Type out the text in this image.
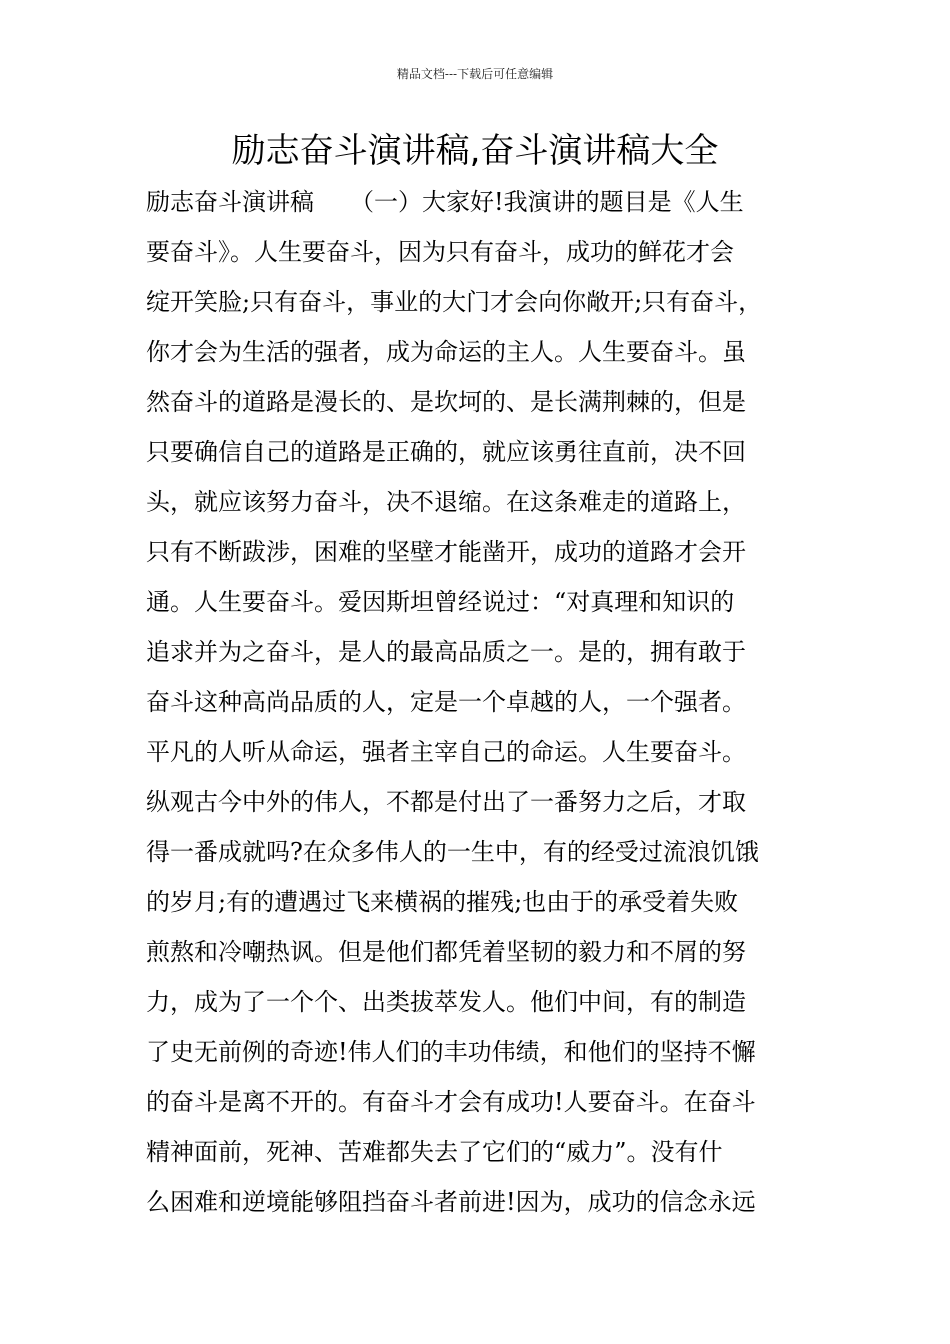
精品文档---下载后可任意编辑
励志奋斗演讲稿,奋斗演讲稿大全
励志奋斗演讲稿　　（一）大家好!我演讲的题目是《人生
要奋斗》。人生要奋斗，因为只有奋斗，成功的鲜花才会
绽开笑脸;只有奋斗，事业的大门才会向你敞开;只有奋斗，
你才会为生活的强者，成为命运的主人。人生要奋斗。虽
然奋斗的道路是漫长的、是坎坷的、是长满荆棘的，但是
只要确信自己的道路是正确的，就应该勇往直前，决不回
头，就应该努力奋斗，决不退缩。在这条难走的道路上，
只有不断跋涉，困难的坚壁才能凿开，成功的道路才会开
通。人生要奋斗。爱因斯坦曾经说过：“对真理和知识的
追求并为之奋斗，是人的最高品质之一。是的，拥有敢于
奋斗这种高尚品质的人，定是一个卓越的人，一个强者。
平凡的人听从命运，强者主宰自己的命运。人生要奋斗。
纵观古今中外的伟人，不都是付出了一番努力之后，才取
得一番成就吗?在众多伟人的一生中，有的经受过流浪饥饿
的岁月;有的遭遇过飞来横祸的摧残;也由于的承受着失败
煎熬和冷嘲热讽。但是他们都凭着坚韧的毅力和不屑的努
力，成为了一个个、出类拔萃发人。他们中间，有的制造
了史无前例的奇迹!伟人们的丰功伟绩，和他们的坚持不懈
的奋斗是离不开的。有奋斗才会有成功!人要奋斗。在奋斗
精神面前，死神、苦难都失去了它们的“威力”。没有什
么困难和逆境能够阻挡奋斗者前进!因为，成功的信念永远
